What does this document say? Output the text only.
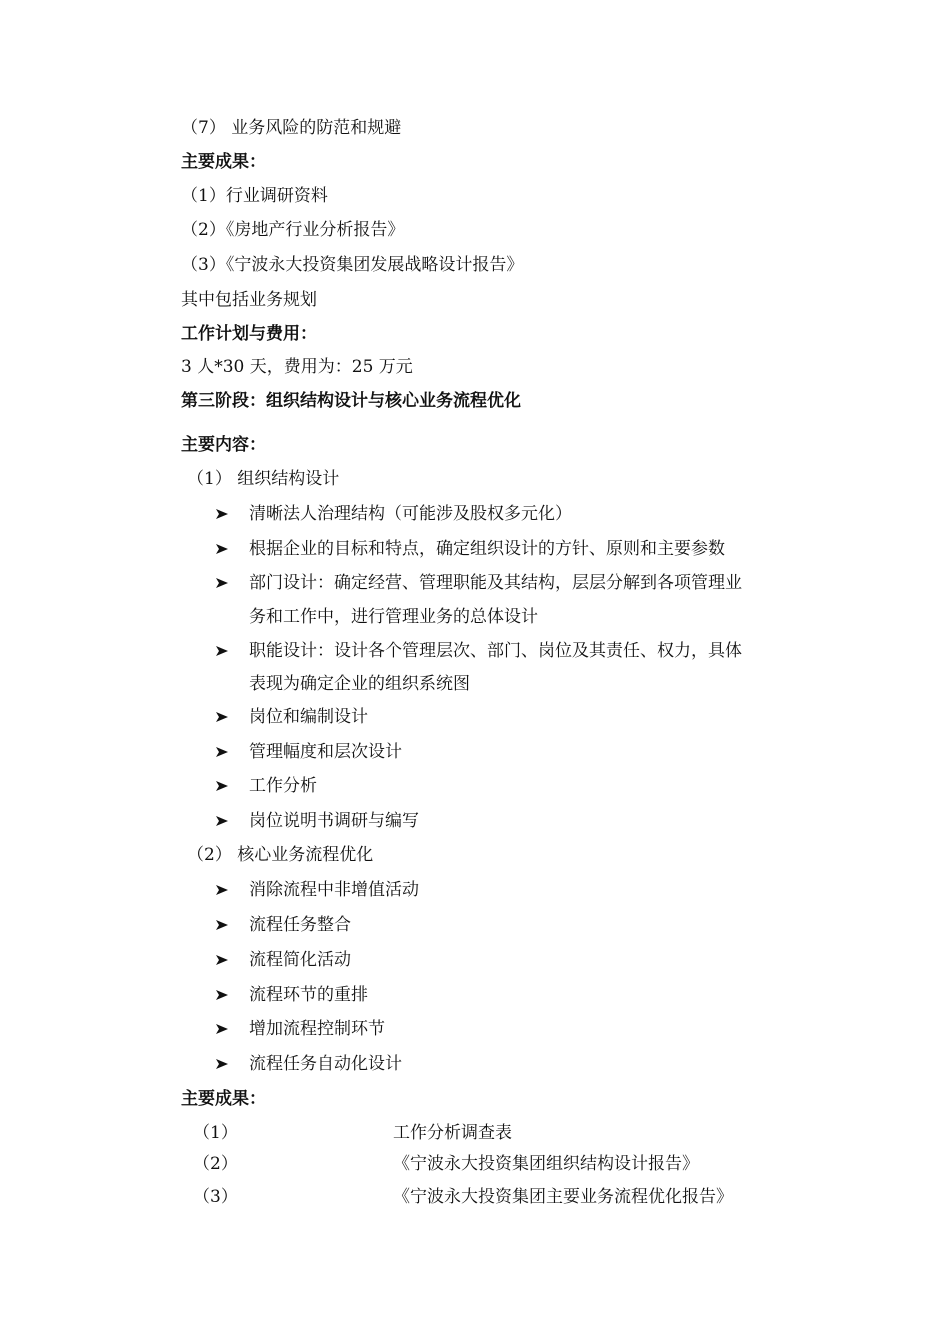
（7） 业务风险的防范和规避
主要成果：
（1）行业调研资料
（2）《房地产行业分析报告》
（3）《宁波永大投资集团发展战略设计报告》
其中包括业务规划
工作计划与费用：
3 人*30 天，费用为：25 万元
第三阶段：组织结构设计与核心业务流程优化
主要内容：
（1） 组织结构设计
清晰法人治理结构（可能涉及股权多元化）
根据企业的目标和特点，确定组织设计的方针、原则和主要参数
部门设计：确定经营、管理职能及其结构，层层分解到各项管理业
务和工作中，进行管理业务的总体设计
职能设计：设计各个管理层次、部门、岗位及其责任、权力，具体
表现为确定企业的组织系统图
岗位和编制设计
管理幅度和层次设计
工作分析
岗位说明书调研与编写
（2） 核心业务流程优化
消除流程中非增值活动
流程任务整合
流程简化活动
流程环节的重排
增加流程控制环节
流程任务自动化设计
主要成果：
（1）	工作分析调查表
（2）	《宁波永大投资集团组织结构设计报告》
（3）	《宁波永大投资集团主要业务流程优化报告》
